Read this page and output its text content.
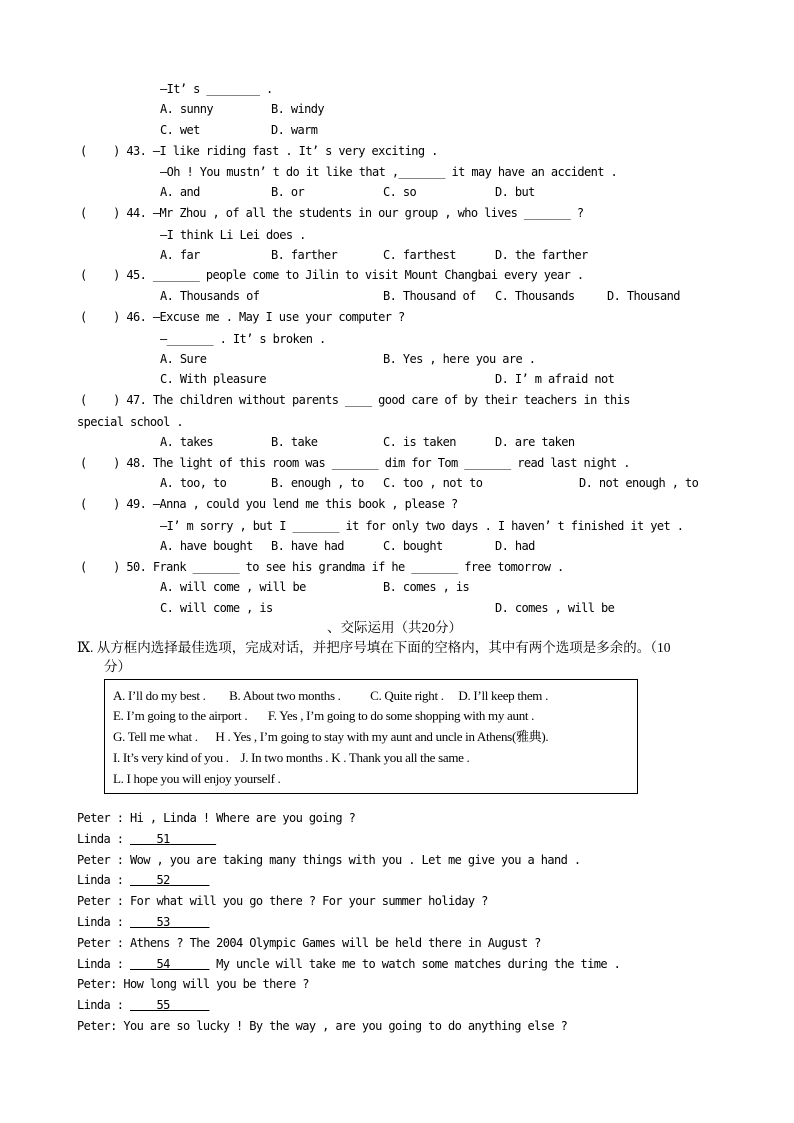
—It’ s ________ .
A. sunny	B. windy
C. wet	D. warm
(    ) 43. —I like riding fast . It’ s very exciting .
—Oh ! You mustn’ t do it like that ,_______ it may have an accident .
A. and	B. or	C. so	D. but
(    ) 44. —Mr Zhou , of all the students in our group , who lives _______ ?
—I think Li Lei does .
A. far	B. farther	C. farthest	D. the farther
(    ) 45. _______ people come to Jilin to visit Mount Changbai every year .
A. Thousands of	B. Thousand of C. Thousands	D. Thousand
(    ) 46. —Excuse me . May I use your computer ?
—_______ . It’ s broken .
A. Sure	B. Yes , here you are .
C. With pleasure	D. I’ m afraid not
(    ) 47. The children without parents ____ good care of by their teachers in this
special school .
A. takes	B. take	C. is taken	D. are taken
(    ) 48. The light of this room was _______ dim for Tom _______ read last night .
A. too, to	B. enough , to C. too , not to	D. not enough , to
(    ) 49. —Anna , could you lend me this book , please ?
—I’ m sorry , but I _______ it for only two days . I haven’ t finished it yet .
A. have bought B. have had	C. bought	D. had
(    ) 50. Frank _______ to see his grandma if he _______ free tomorrow .
A. will come , will be	B. comes , is
C. will come , is	D. comes , will be
、交际运用（共20分）
Ⅸ. 从方框内选择最佳选项，完成对话，并把序号填在下面的空格内，其中有两个选项是多余的。（10
分）
A. I’ll do my best .        B. About two months .          C. Quite right .     D. I’ll keep them .
E. I’m going to the airport .       F. Yes , I’m going to do some shopping with my aunt .
G. Tell me what .      H . Yes , I’m going to stay with my aunt and uncle in Athens(雅典).
I. It’s very kind of you .    J. In two months . K . Thank you all the same .
L. I hope you will enjoy yourself .
Peter : Hi , Linda ! Where are you going ?
Linda :	51
Peter : Wow , you are taking many things with you . Let me give you a hand .
Linda :	52
Peter : For what will you go there ? For your summer holiday ?
Linda :	53
Peter : Athens ? The 2004 Olympic Games will be held there in August ?
Linda :	54	My uncle will take me to watch some matches during the time .
Peter: How long will you be there ?
Linda :	55
Peter: You are so lucky ! By the way , are you going to do anything else ?
